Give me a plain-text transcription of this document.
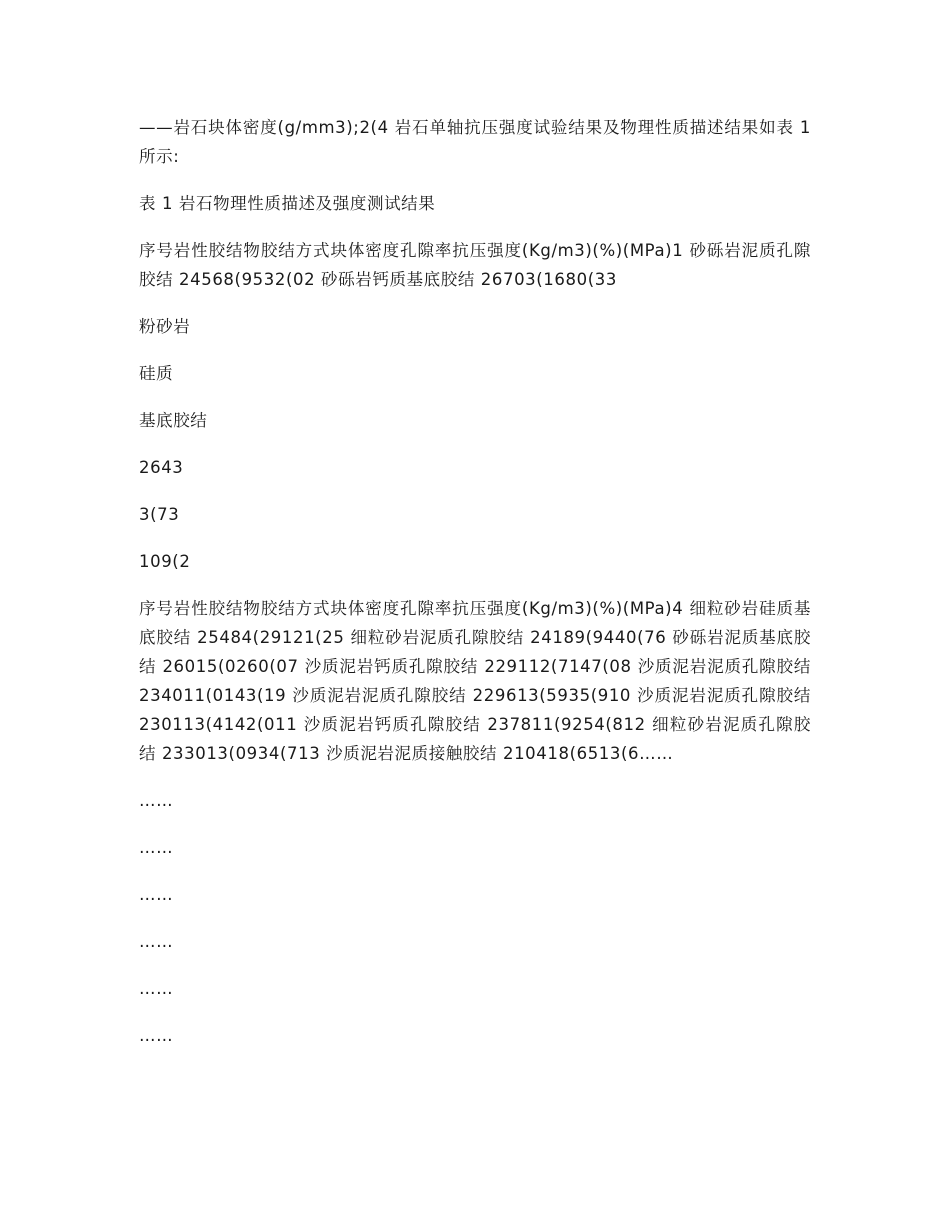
——岩石块体密度(g/mm3);2(4 岩石单轴抗压强度试验结果及物理性质描述结果如表 1 所示:

表 1 岩石物理性质描述及强度测试结果

序号岩性胶结物胶结方式块体密度孔隙率抗压强度(Kg/m3)(%)(MPa)1 砂砾岩泥质孔隙胶结 24568(9532(02 砂砾岩钙质基底胶结 26703(1680(33

粉砂岩

硅质

基底胶结

2643

3(73

109(2

序号岩性胶结物胶结方式块体密度孔隙率抗压强度(Kg/m3)(%)(MPa)4 细粒砂岩硅质基底胶结 25484(29121(25 细粒砂岩泥质孔隙胶结 24189(9440(76 砂砾岩泥质基底胶结 26015(0260(07 沙质泥岩钙质孔隙胶结 229112(7147(08 沙质泥岩泥质孔隙胶结 234011(0143(19 沙质泥岩泥质孔隙胶结 229613(5935(910 沙质泥岩泥质孔隙胶结 230113(4142(011 沙质泥岩钙质孔隙胶结 237811(9254(812 细粒砂岩泥质孔隙胶结 233013(0934(713 沙质泥岩泥质接触胶结 210418(6513(6……

……

……

……

……

……

……
